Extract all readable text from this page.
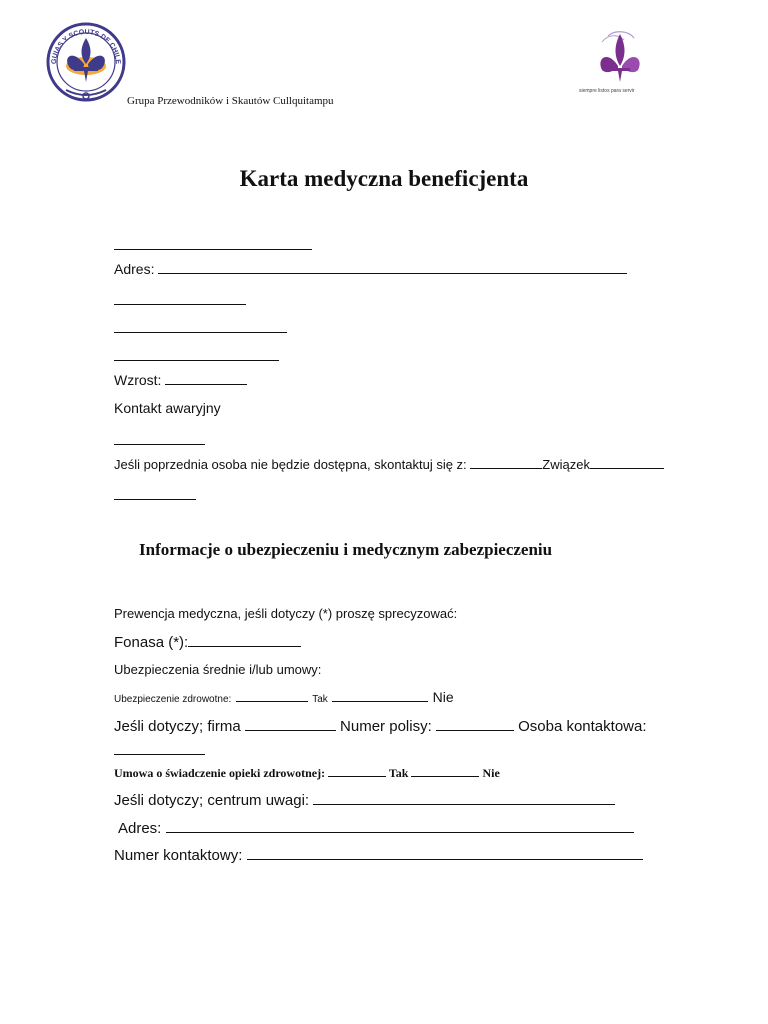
GUIAS Y SCOUTS DE CHILE
siempre listos para servir
Grupa Przewodników i Skautów Cullquitampu
Karta medyczna beneficjenta
Adres:
Wzrost:
Kontakt awaryjny
Jeśli poprzednia osoba nie będzie dostępna, skontaktuj się z:	Związek
Informacje o ubezpieczeniu i medycznym zabezpieczeniu
Prewencja medyczna, jeśli dotyczy (*) proszę sprecyzować:
Fonasa (*):
Ubezpieczenia średnie i/lub umowy:
Ubezpieczenie zdrowotne:	Tak	Nie
Jeśli dotyczy; firma	Numer polisy:	Osoba kontaktowa:
Umowa o świadczenie opieki zdrowotnej:	Tak	Nie
Jeśli dotyczy; centrum uwagi:
Adres:
Numer kontaktowy:
